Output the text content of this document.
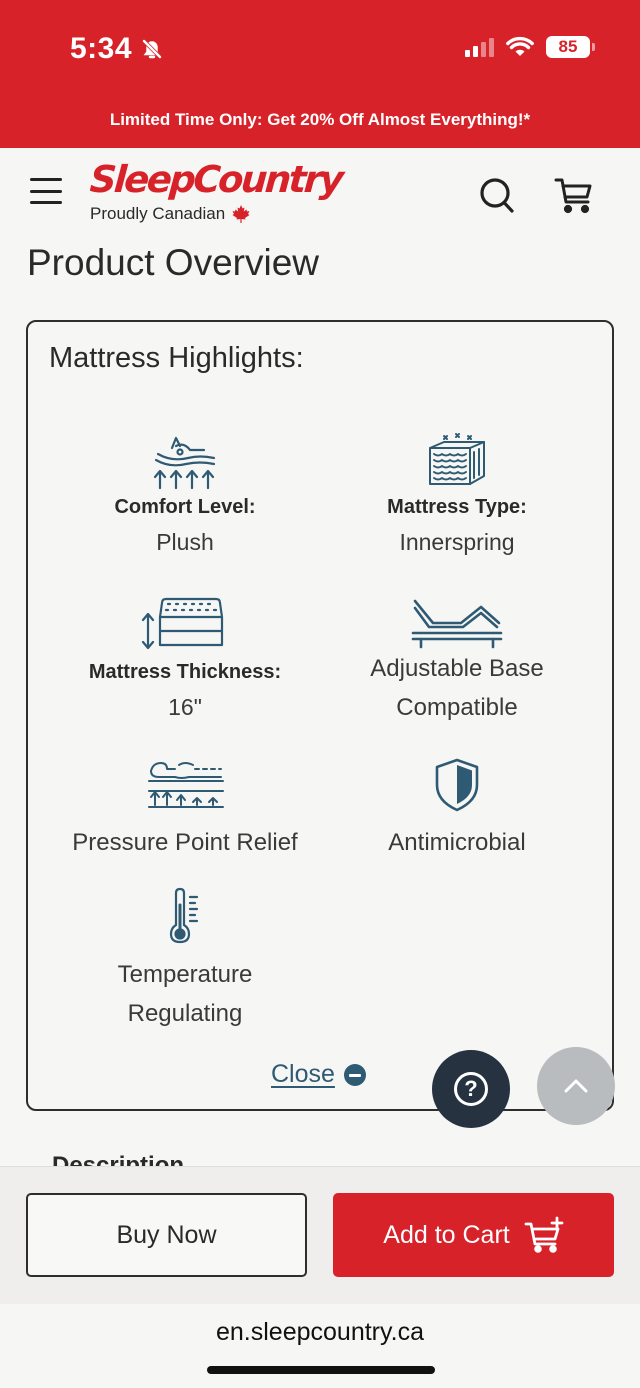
5:34	85
Limited Time Only: Get 20% Off Almost Everything!*
SleepCountry
Proudly Canadian
Product Overview
Mattress Highlights:
Comfort Level:
Plush
Mattress Type:
Innerspring
Mattress Thickness:
16"
Adjustable Base
Compatible
Pressure Point Relief	Antimicrobial
Temperature
Regulating
Close
?
Buy Now	Add to Cart
en.sleepcountry.ca
